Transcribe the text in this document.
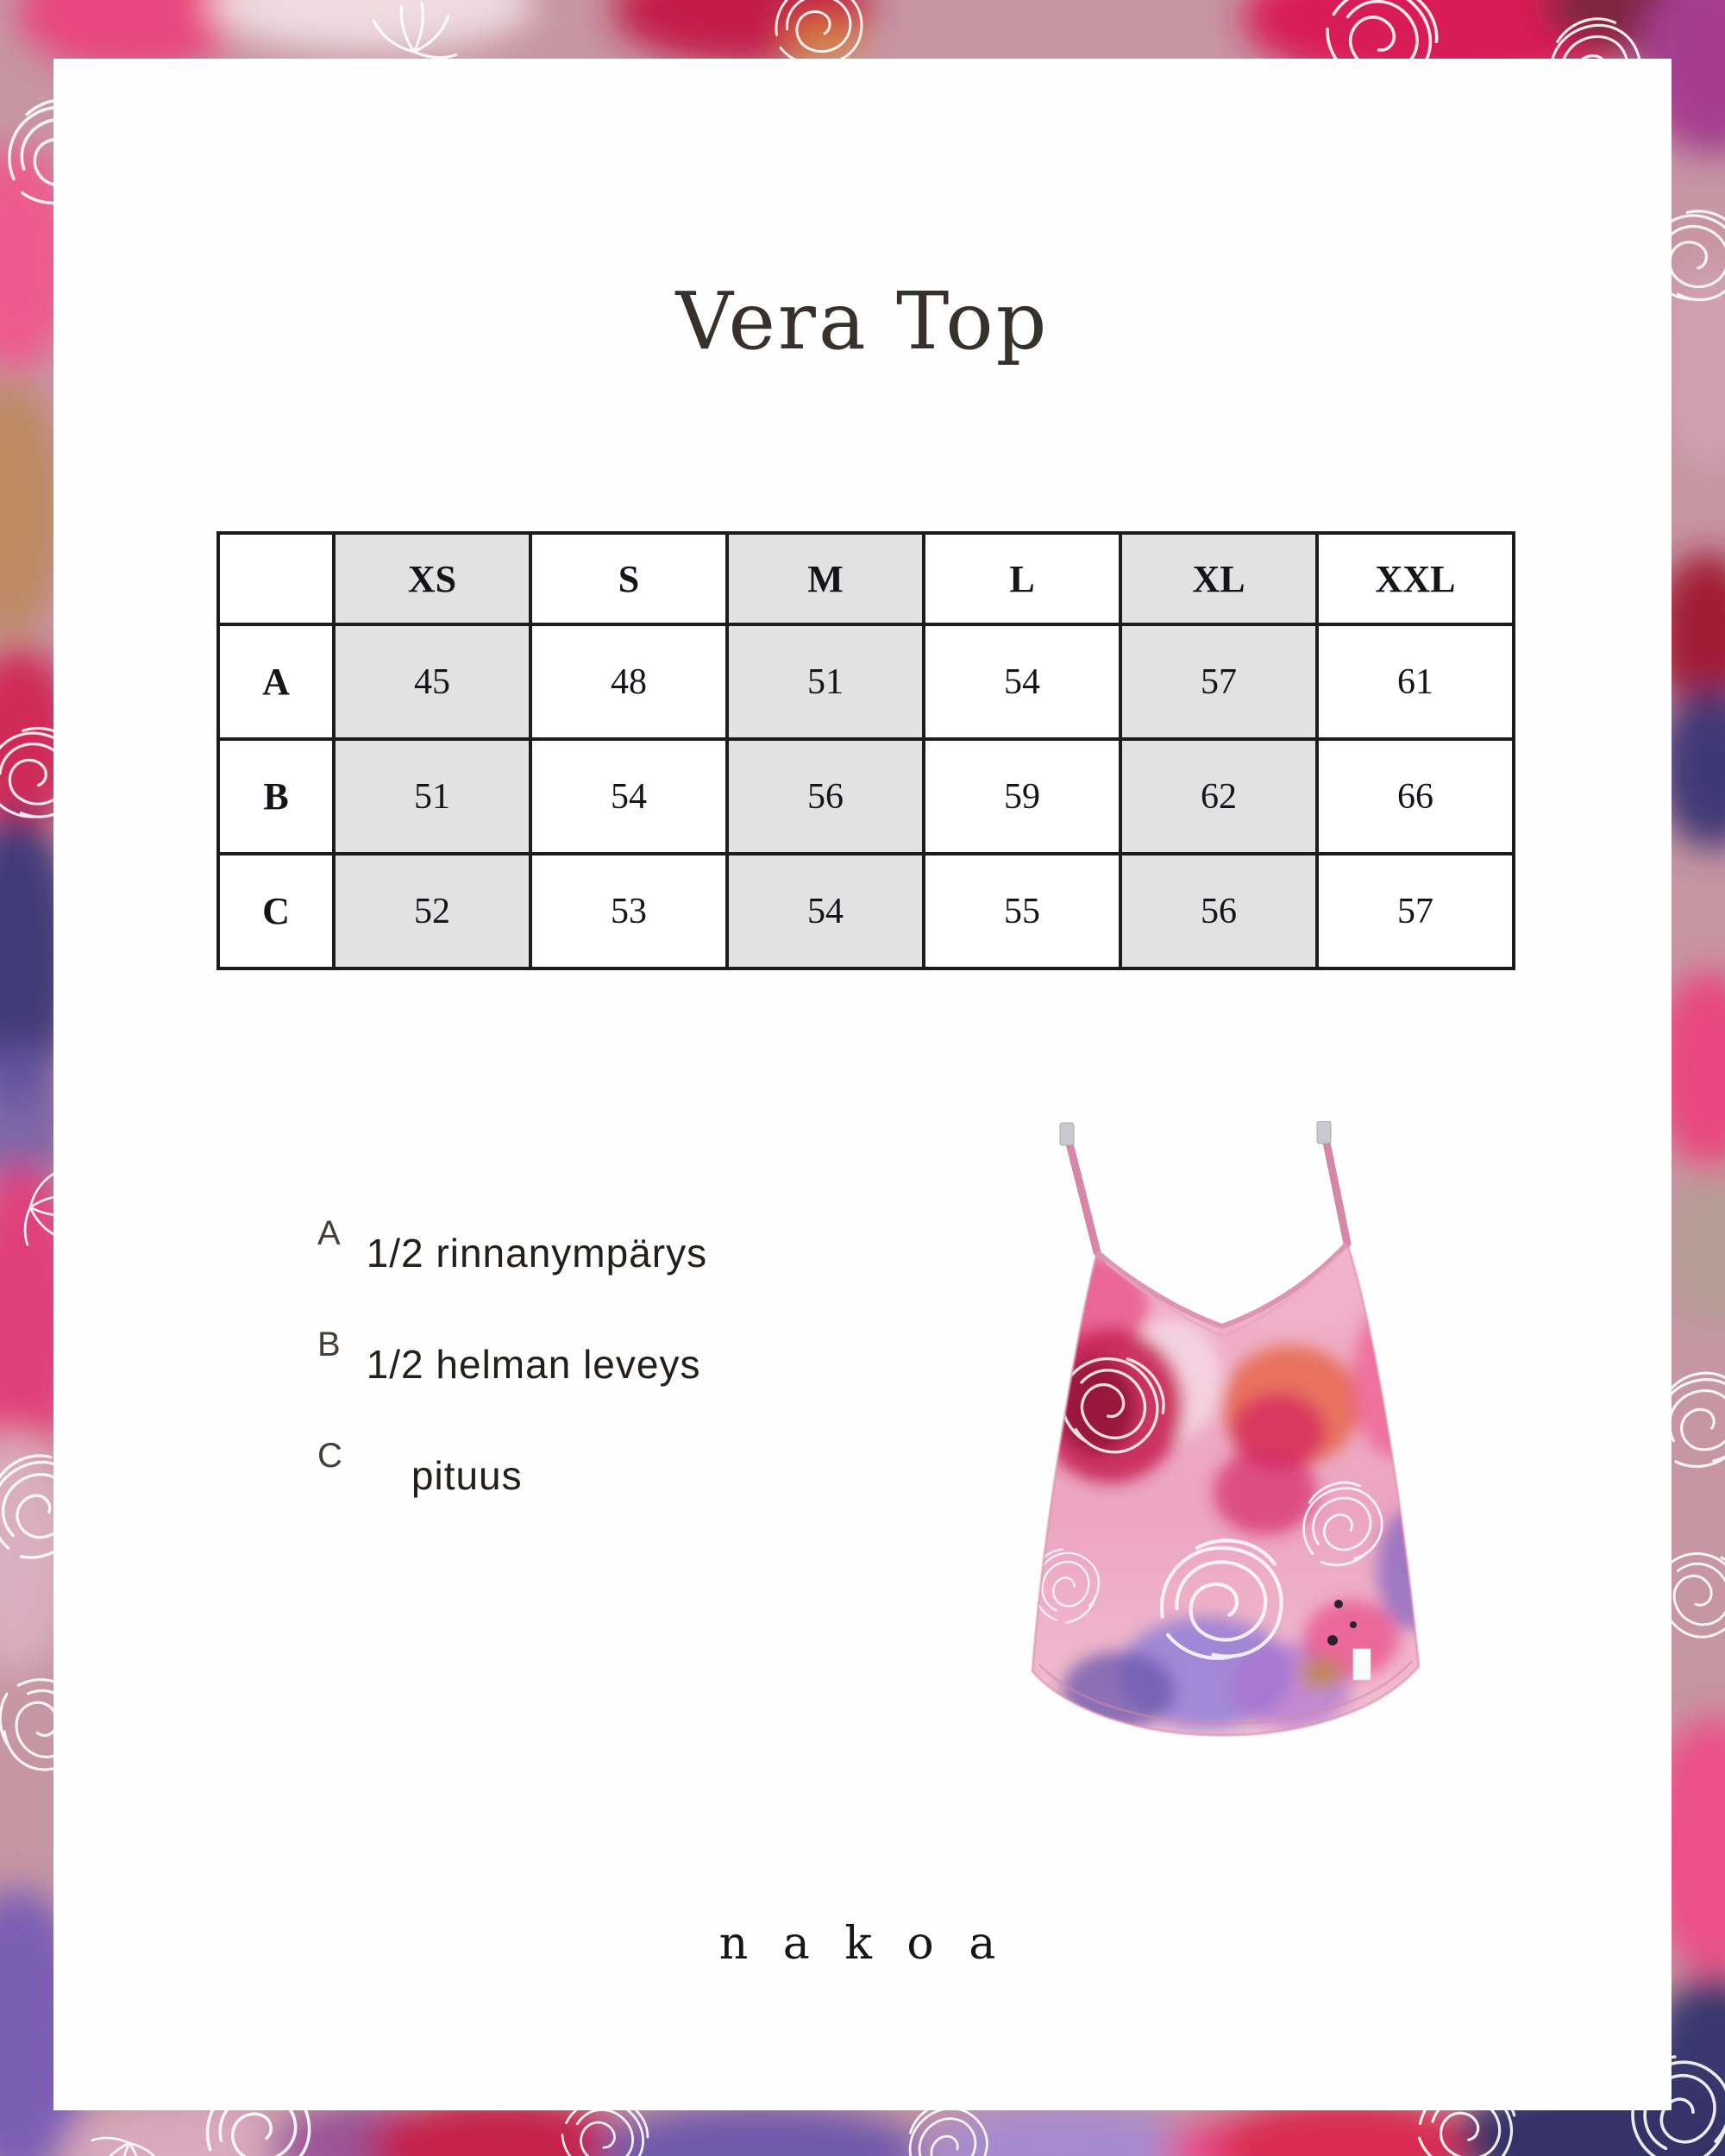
Vera Top
	XS	S	M	L	XL	XXL
A	45	48	51	54	57	61
B	51	54	56	59	62	66
C	52	53	54	55	56	57
A 1/2 rinnanympärys
B 1/2 helman leveys
C pituus
n a k o a
